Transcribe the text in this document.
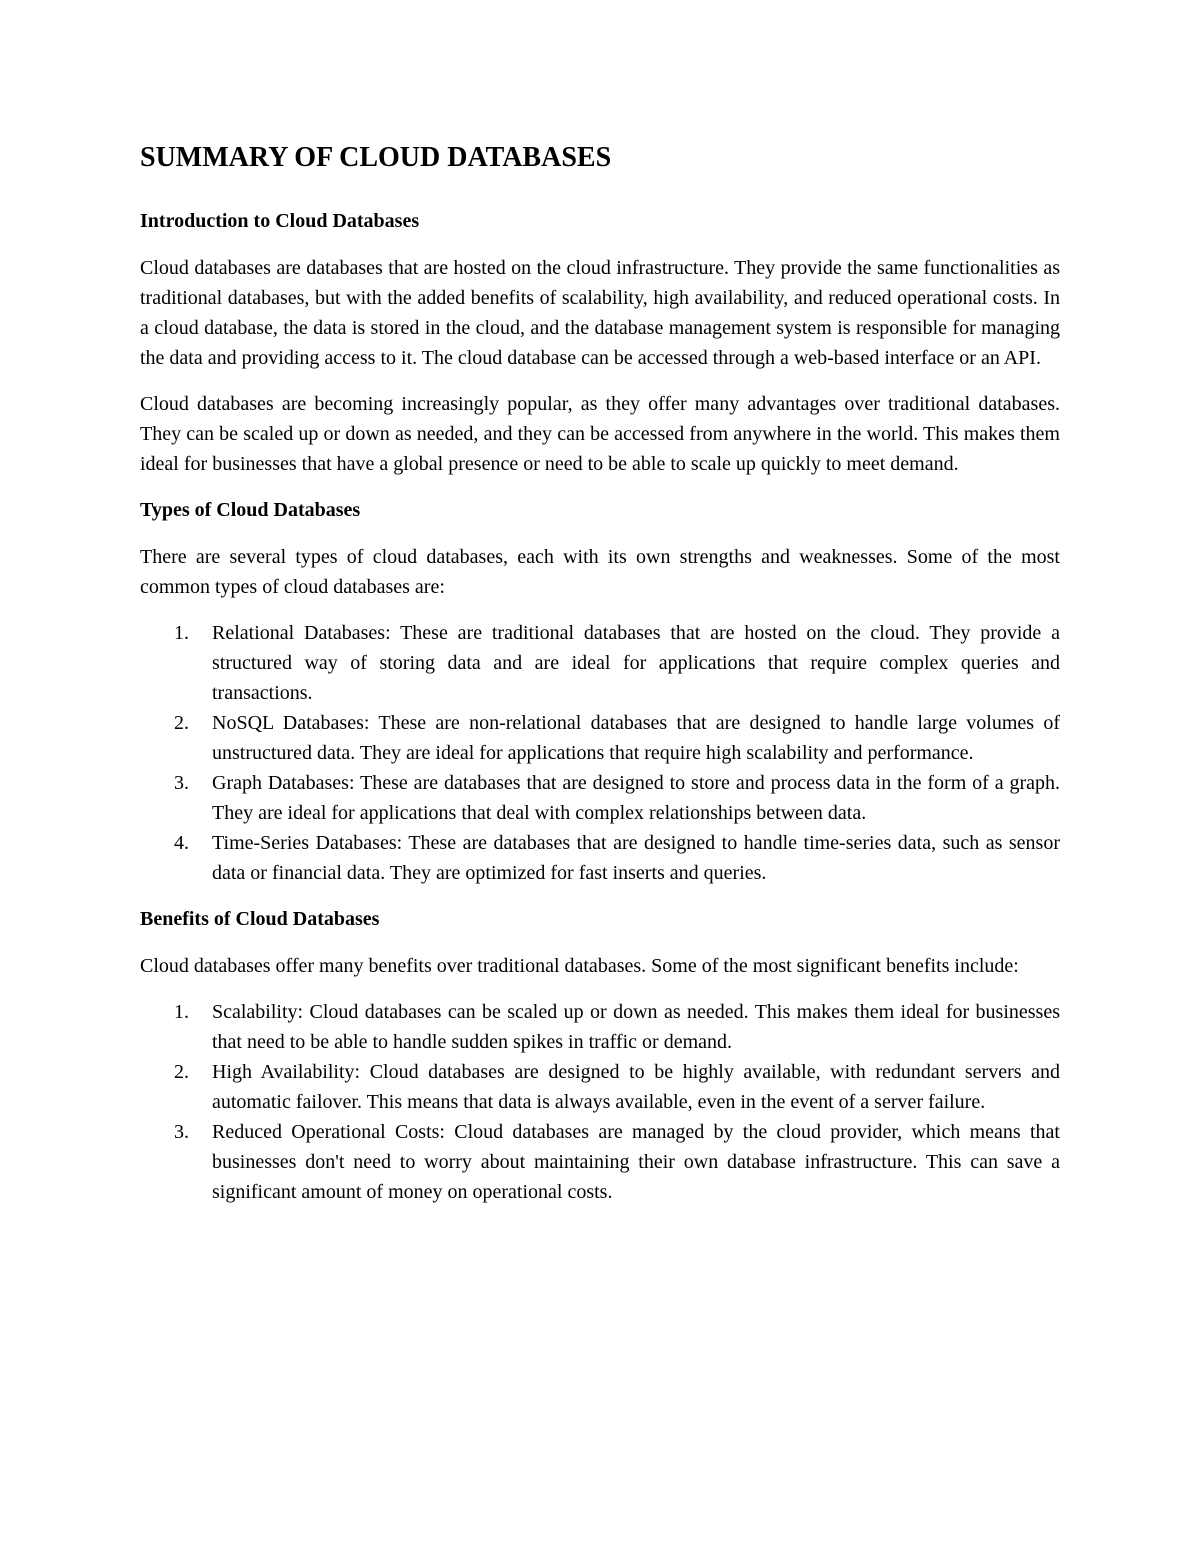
SUMMARY OF CLOUD DATABASES
Introduction to Cloud Databases

Cloud databases are databases that are hosted on the cloud infrastructure. They provide the same functionalities as traditional databases, but with the added benefits of scalability, high availability, and reduced operational costs. In a cloud database, the data is stored in the cloud, and the database management system is responsible for managing the data and providing access to it. The cloud database can be accessed through a web-based interface or an API.

Cloud databases are becoming increasingly popular, as they offer many advantages over traditional databases. They can be scaled up or down as needed, and they can be accessed from anywhere in the world. This makes them ideal for businesses that have a global presence or need to be able to scale up quickly to meet demand.

Types of Cloud Databases

There are several types of cloud databases, each with its own strengths and weaknesses. Some of the most common types of cloud databases are:

1. Relational Databases: These are traditional databases that are hosted on the cloud. They provide a structured way of storing data and are ideal for applications that require complex queries and transactions.
2. NoSQL Databases: These are non-relational databases that are designed to handle large volumes of unstructured data. They are ideal for applications that require high scalability and performance.
3. Graph Databases: These are databases that are designed to store and process data in the form of a graph. They are ideal for applications that deal with complex relationships between data.
4. Time-Series Databases: These are databases that are designed to handle time-series data, such as sensor data or financial data. They are optimized for fast inserts and queries.
Benefits of Cloud Databases

Cloud databases offer many benefits over traditional databases. Some of the most significant benefits include:

1. Scalability: Cloud databases can be scaled up or down as needed. This makes them ideal for businesses that need to be able to handle sudden spikes in traffic or demand.
2. High Availability: Cloud databases are designed to be highly available, with redundant servers and automatic failover. This means that data is always available, even in the event of a server failure.
3. Reduced Operational Costs: Cloud databases are managed by the cloud provider, which means that businesses don't need to worry about maintaining their own database infrastructure. This can save a significant amount of money on operational costs.
